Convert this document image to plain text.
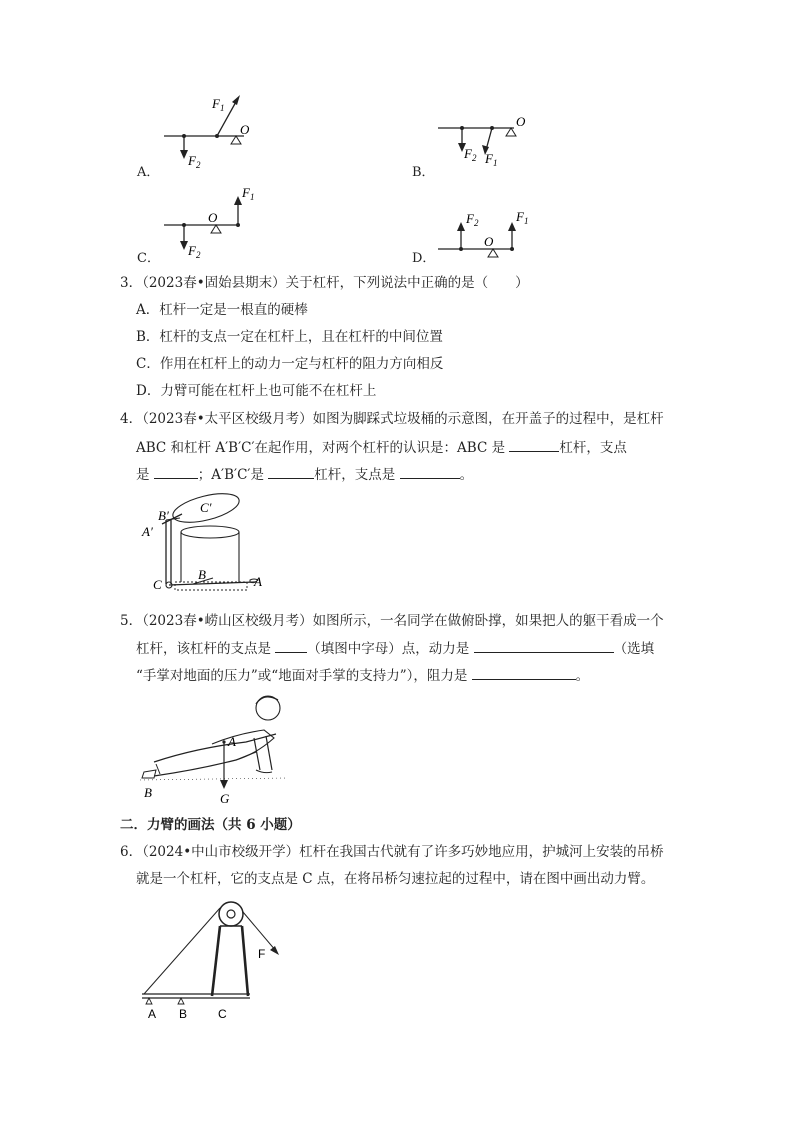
A．
$F_1$
$F_2$
O
B．
O
$F_2$ $F_1$
C．
O
$F_1$
$F_2$	D．
O
$F_2$	$F_1$
3．（2023春•固始县期末）关于杠杆，下列说法中正确的是（　　）
A．杠杆一定是一根直的硬棒
B．杠杆的支点一定在杠杆上，且在杠杆的中间位置
C．作用在杠杆上的动力一定与杠杆的阻力方向相反
D．力臂可能在杠杆上也可能不在杠杆上
4．（2023春•太平区校级月考）如图为脚踩式垃圾桶的示意图，在开盖子的过程中，是杠杆
ABC 和杠杆 A′B′C′在起作用，对两个杠杆的认识是：ABC 是	杠杆，支点
是	；A′B′C′是	杠杆，支点是	。
C′
B′
A′
C
B	A
5．（2023春•崂山区校级月考）如图所示，一名同学在做俯卧撑，如果把人的躯干看成一个
杠杆，该杠杆的支点是	（填图中字母）点，动力是	（选填
“手掌对地面的压力”或“地面对手掌的支持力”），阻力是	。
A
B	G
二．力臂的画法（共 6 小题）
6．（2024•中山市校级开学）杠杆在我国古代就有了许多巧妙地应用，护城河上安装的吊桥
就是一个杠杆，它的支点是 C 点，在将吊桥匀速拉起的过程中，请在图中画出动力臂。
F
A B	C
